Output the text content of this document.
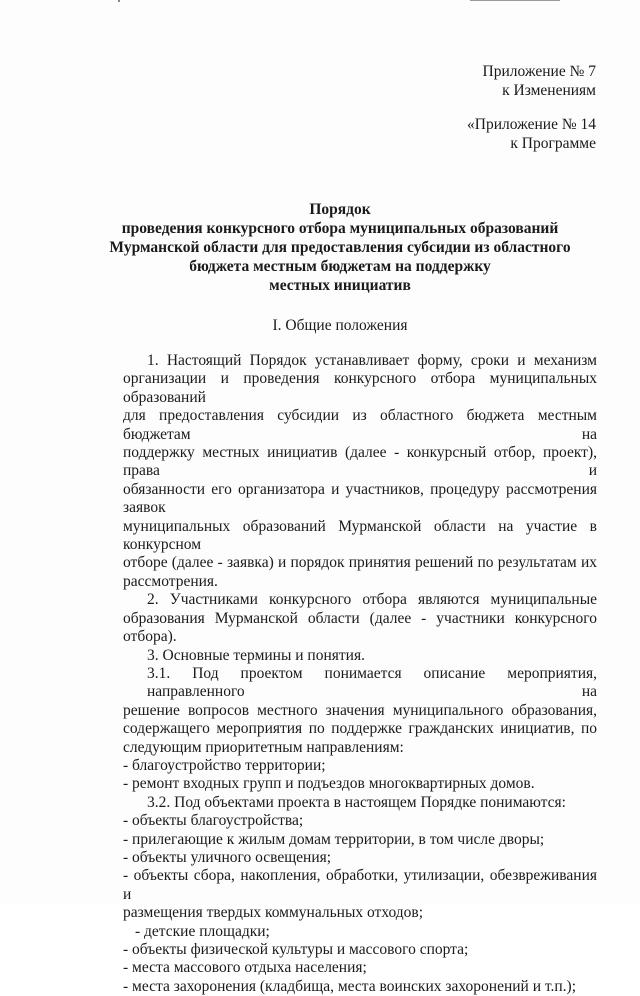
Приложение № 7
к Изменениям
«Приложение № 14
к Программе
Порядок
проведения конкурсного отбора муниципальных образований
Мурманской области для предоставления субсидии из областного
бюджета местным бюджетам на поддержку
местных инициатив
I. Общие положения
1. Настоящий Порядок устанавливает форму, сроки и механизм
организации и проведения конкурсного отбора муниципальных образований
для предоставления субсидии из областного бюджета местным бюджетам на
поддержку местных инициатив (далее - конкурсный отбор, проект), права и
обязанности его организатора и участников, процедуру рассмотрения заявок
муниципальных образований Мурманской области на участие в конкурсном
отборе (далее - заявка) и порядок принятия решений по результатам их
рассмотрения.
2. Участниками конкурсного отбора являются муниципальные
образования Мурманской области (далее - участники конкурсного отбора).
3. Основные термины и понятия.
3.1. Под проектом понимается описание мероприятия, направленного на
решение вопросов местного значения муниципального образования,
содержащего мероприятия по поддержке гражданских инициатив, по
следующим приоритетным направлениям:
- благоустройство территории;
- ремонт входных групп и подъездов многоквартирных домов.
3.2. Под объектами проекта в настоящем Порядке понимаются:
- объекты благоустройства;
- прилегающие к жилым домам территории, в том числе дворы;
- объекты уличного освещения;
- объекты сбора, накопления, обработки, утилизации, обезвреживания и
размещения твердых коммунальных отходов;
- детские площадки;
- объекты физической культуры и массового спорта;
- места массового отдыха населения;
- места захоронения (кладбища, места воинских захоронений и т.п.);
